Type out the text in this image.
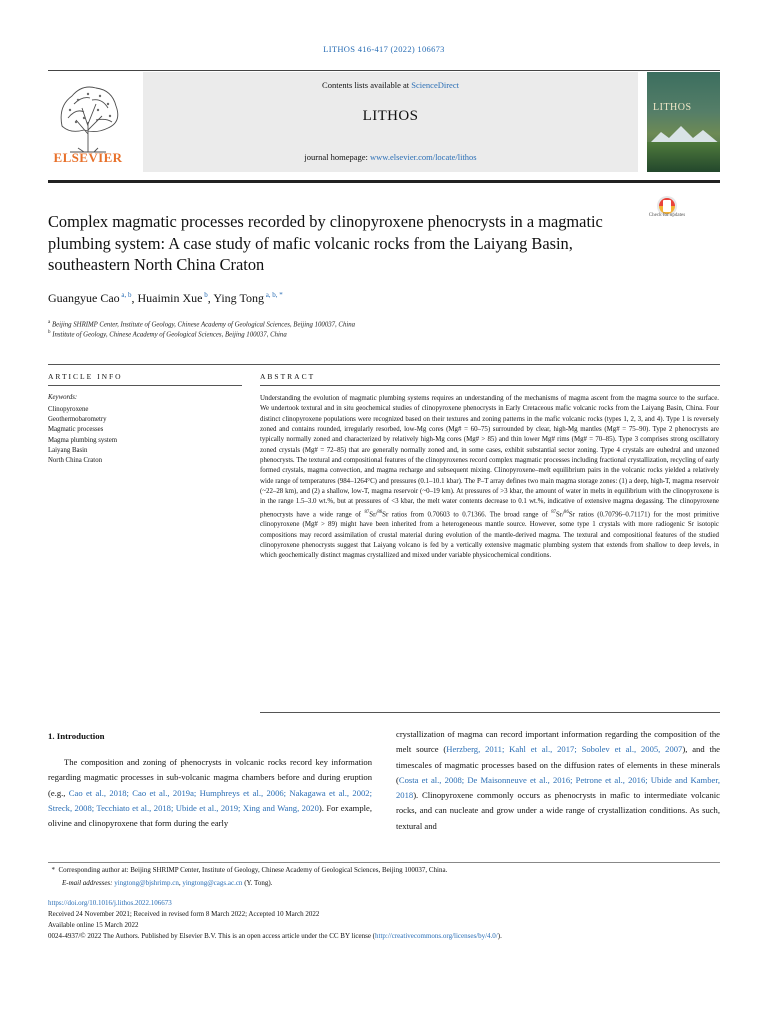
LITHOS 416-417 (2022) 106673
ELSEVIER
Contents lists available at ScienceDirect
LITHOS
journal homepage: www.elsevier.com/locate/lithos
LITHOS
Complex magmatic processes recorded by clinopyroxene phenocrysts in a magmatic plumbing system: A case study of mafic volcanic rocks from the Laiyang Basin, southeastern North China Craton
Check for updates
Guangyue Cao $^{a, b}$, Huaimin Xue $^b$, Ying Tong $^{a, b, *}$
$^a$ Beijing SHRIMP Center, Institute of Geology, Chinese Academy of Geological Sciences, Beijing 100037, China
$^b$ Institute of Geology, Chinese Academy of Geological Sciences, Beijing 100037, China
ARTICLE INFO	ABSTRACT
Keywords:
Clinopyroxene
Geothermobarometry
Magmatic processes
Magma plumbing system
Laiyang Basin
North China Craton
Understanding the evolution of magmatic plumbing systems requires an understanding of the mechanisms of magma ascent from the magma source to the surface. We undertook textural and in situ geochemical studies of clinopyroxene phenocrysts in Early Cretaceous mafic volcanic rocks from the Laiyang Basin, China. Four distinct clinopyroxene populations were recognized based on their textures and zoning patterns in the mafic volcanic rocks (types 1, 2, 3, and 4). Type 1 is reversely zoned and contains rounded, irregularly resorbed, low-Mg cores (Mg# = 60–75) surrounded by clear, high-Mg mantles (Mg# = 75–90). Type 2 phenocrysts are typically normally zoned and characterized by relatively high-Mg cores (Mg# > 85) and thin lower Mg# rims (Mg# = 70–85). Type 3 comprises strong oscillatory zoned crystals (Mg# = 72–85) that are generally normally zoned and, in some cases, exhibit substantial sector zoning. Type 4 crystals are euhedral and unzoned phenocrysts. The textural and compositional features of the clinopyroxenes record complex magmatic processes including fractional crystallization, recycling of early formed crystals, magma convection, and magma recharge and subsequent mixing. Clinopyroxene–melt equilibrium pairs in the volcanic rocks yielded a relatively wide range of temperatures (984–1264°C) and pressures (0.1–10.1 kbar). The P–T array defines two main magma storage zones: (1) a deep, high-T, magma reservoir (~22–28 km), and (2) a shallow, low-T, magma reservoir (~0–19 km). At pressures of >3 kbar, the amount of water in melts in equilibrium with the clinopyroxene is in the range 1.5–3.0 wt.%, but at pressures of <3 kbar, the melt water contents decrease to 0.1 wt.%, indicative of extensive magma degassing. The clinopyroxene phenocrysts have a wide range of $^{87}$Sr/$^{86}$Sr ratios from 0.70603 to 0.71366. The broad range of $^{87}$Sr/$^{86}$Sr ratios (0.70796–0.71171) for the most primitive clinopyroxene (Mg# > 89) might have been inherited from a heterogeneous mantle source. However, some type 1 crystals with more radiogenic Sr isotopic compositions may record assimilation of crustal material during evolution of the mantle-derived magma. The textural and compositional features of the studied clinopyroxene phenocrysts suggest that Laiyang volcano is fed by a vertically extensive magmatic plumbing system that extends from shallow to deep levels, in which geochemically distinct magmas crystallized and mixed under variable physicochemical conditions.
1. Introduction
The composition and zoning of phenocrysts in volcanic rocks record key information regarding magmatic processes in sub-volcanic magma chambers before and during eruption (e.g., Cao et al., 2018; Cao et al., 2019a; Humphreys et al., 2006; Nakagawa et al., 2002; Streck, 2008; Tecchiato et al., 2018; Ubide et al., 2019; Xing and Wang, 2020). For example, olivine and clinopyroxene that form during the early
crystallization of magma can record important information regarding the composition of the melt source (Herzberg, 2011; Kahl et al., 2017; Sobolev et al., 2005, 2007), and the timescales of magmatic processes based on the diffusion rates of elements in these minerals (Costa et al., 2008; De Maisonneuve et al., 2016; Petrone et al., 2016; Ubide and Kamber, 2018). Clinopyroxene commonly occurs as phenocrysts in mafic to intermediate volcanic rocks, and can nucleate and grow under a wide range of crystallization conditions. As such, textural and
*  Corresponding author at: Beijing SHRIMP Center, Institute of Geology, Chinese Academy of Geological Sciences, Beijing 100037, China.
E-mail addresses: yingtong@bjshrimp.cn, yingtong@cags.ac.cn (Y. Tong).
https://doi.org/10.1016/j.lithos.2022.106673
Received 24 November 2021; Received in revised form 8 March 2022; Accepted 10 March 2022
Available online 15 March 2022
0024-4937/© 2022 The Authors. Published by Elsevier B.V. This is an open access article under the CC BY license (http://creativecommons.org/licenses/by/4.0/).
